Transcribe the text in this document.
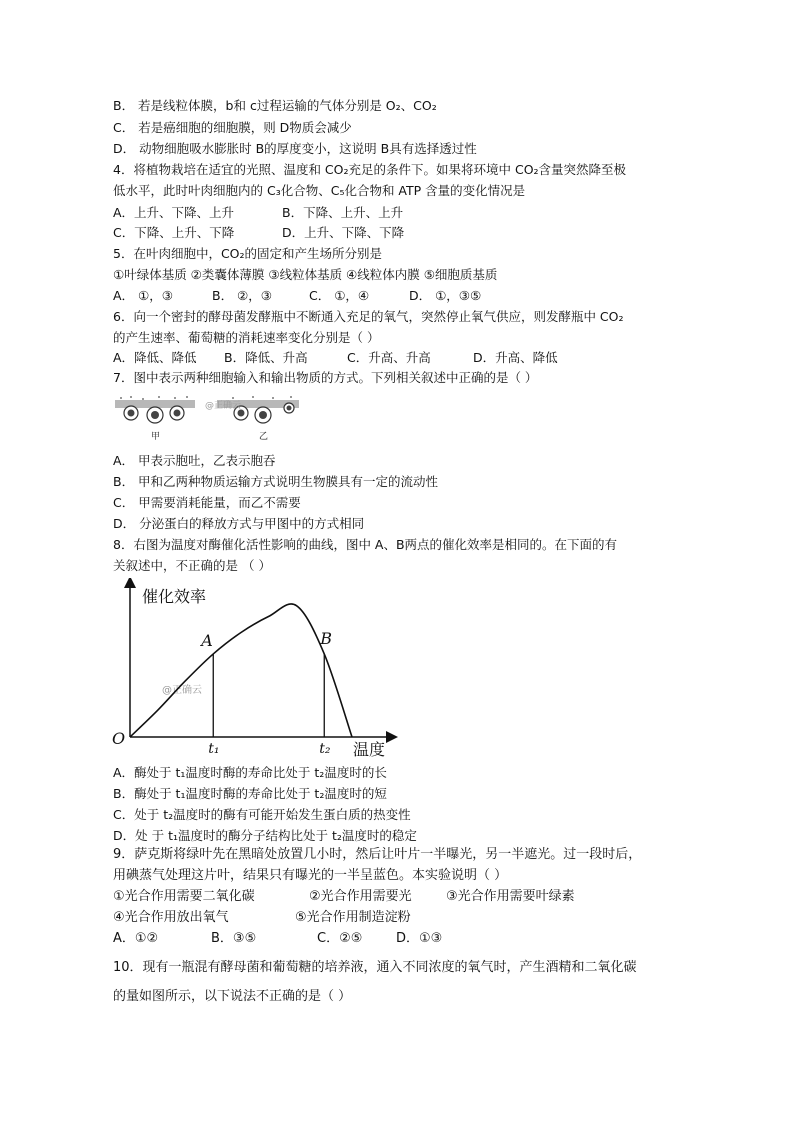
B． 若是线粒体膜，b和 c过程运输的气体分别是 O₂、CO₂
C． 若是癌细胞的细胞膜，则 D物质会减少
D． 动物细胞吸水膨胀时 B的厚度变小，这说明 B具有选择透过性
4．将植物栽培在适宜的光照、温度和 CO₂充足的条件下。如果将环境中 CO₂含量突然降至极
低水平，此时叶肉细胞内的 C₃化合物、C₅化合物和 ATP 含量的变化情况是
A．上升、下降、上升	B．下降、上升、上升
C．下降、上升、下降	D．上升、下降、下降
5．在叶肉细胞中，CO₂的固定和产生场所分别是
①叶绿体基质 ②类囊体薄膜 ③线粒体基质 ④线粒体内膜 ⑤细胞质基质
A． ①，③	B． ②，③	C． ①，④	D． ①，③⑤
6．向一个密封的酵母菌发酵瓶中不断通入充足的氧气，突然停止氧气供应，则发酵瓶中 CO₂
的产生速率、葡萄糖的消耗速率变化分别是（ ）
A．降低、降低 B．降低、升高	C．升高、升高	D．升高、降低
7．图中表示两种细胞输入和输出物质的方式。下列相关叙述中正确的是（ ）
@正确云
甲	乙
A． 甲表示胞吐，乙表示胞吞
B． 甲和乙两种物质运输方式说明生物膜具有一定的流动性
C． 甲需要消耗能量，而乙不需要
D． 分泌蛋白的释放方式与甲图中的方式相同
8．右图为温度对酶催化活性影响的曲线，图中 A、B两点的催化效率是相同的。在下面的有
关叙述中，不正确的是 （ ）
催化效率
温度
O
@正确云
A
t₁
B
t₂
A．酶处于 t₁温度时酶的寿命比处于 t₂温度时的长
B．酶处于 t₁温度时酶的寿命比处于 t₂温度时的短
C．处于 t₂温度时的酶有可能开始发生蛋白质的热变性
D．处 于 t₁温度时的酶分子结构比处于 t₂温度时的稳定
9．萨克斯将绿叶先在黑暗处放置几小时，然后让叶片一半曝光，另一半遮光。过一段时后，
用碘蒸气处理这片叶，结果只有曝光的一半呈蓝色。本实验说明（ ）
①光合作用需要二氧化碳	②光合作用需要光	③光合作用需要叶绿素
④光合作用放出氧气	⑤光合作用制造淀粉
A．①②	B．③⑤	C．②⑤	D．①③
10．现有一瓶混有酵母菌和葡萄糖的培养液，通入不同浓度的氧气时，产生酒精和二氧化碳
的量如图所示，以下说法不正确的是（ ）
